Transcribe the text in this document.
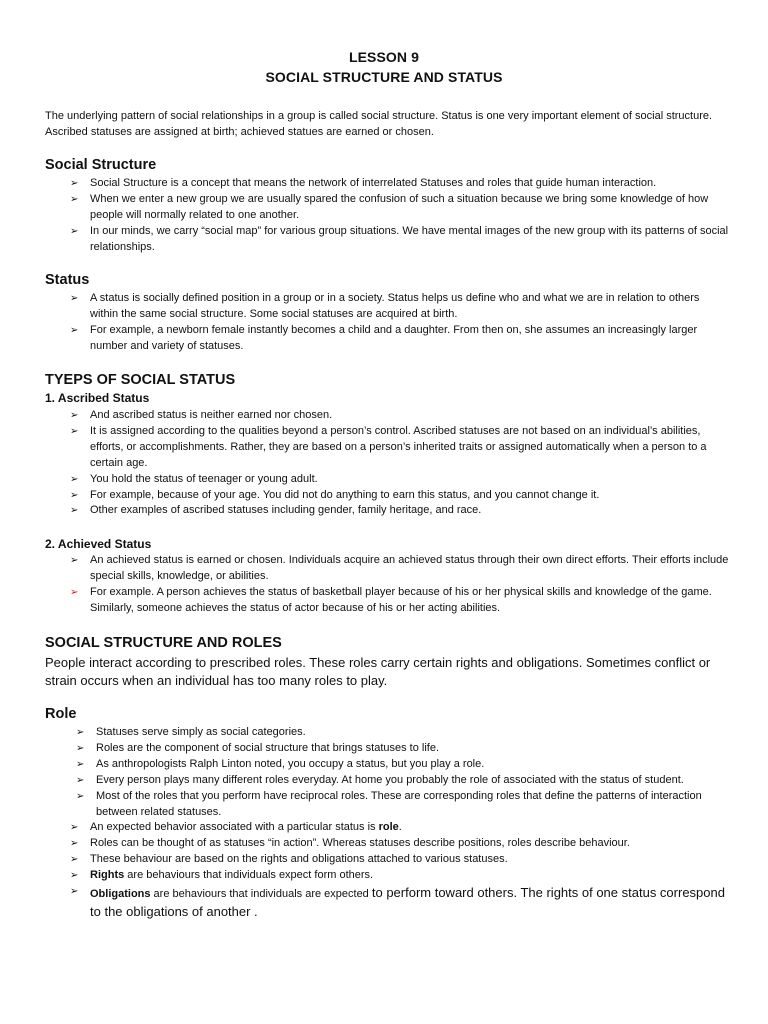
LESSON 9
SOCIAL STRUCTURE AND STATUS
The underlying pattern of social relationships in a group is called social structure. Status is one very important element of social structure. Ascribed statuses are assigned at birth; achieved statues are earned or chosen.
Social Structure
➢ Social Structure is a concept that means the network of interrelated Statuses and roles that guide human interaction.
➢ When we enter a new group we are usually spared the confusion of such a situation because we bring some knowledge of how people will normally related to one another.
➢ In our minds, we carry “social map” for various group situations. We have mental images of the new group with its patterns of social relationships.
Status
➢ A status is socially defined position in a group or in a society. Status helps us define who and what we are in relation to others within the same social structure. Some social statuses are acquired at birth.
➢ For example, a newborn female instantly becomes a child and a daughter. From then on, she assumes an increasingly larger number and variety of statuses.
TYEPS OF SOCIAL STATUS
1. Ascribed Status
➢ And ascribed status is neither earned nor chosen.
➢ It is assigned according to the qualities beyond a person’s control. Ascribed statuses are not based on an individual’s abilities, efforts, or accomplishments. Rather, they are based on a person’s inherited traits or assigned automatically when a person to a certain age.
➢ You hold the status of teenager or young adult.
➢ For example, because of your age. You did not do anything to earn this status, and you cannot change it.
➢ Other examples of ascribed statuses including gender, family heritage, and race.
2. Achieved Status
➢ An achieved status is earned or chosen. Individuals acquire an achieved status through their own direct efforts. Their efforts include special skills, knowledge, or abilities.
➢ For example. A person achieves the status of basketball player because of his or her physical skills and knowledge of the game. Similarly, someone achieves the status of actor because of his or her acting abilities.
SOCIAL STRUCTURE AND ROLES
People interact according to prescribed roles. These roles carry certain rights and obligations. Sometimes conflict or strain occurs when an individual has too many roles to play.
Role
➢ Statuses serve simply as social categories.
➢ Roles are the component of social structure that brings statuses to life.
➢ As anthropologists Ralph Linton noted, you occupy a status, but you play a role.
➢ Every person plays many different roles everyday. At home you probably the role of associated with the status of student.
➢ Most of the roles that you perform have reciprocal roles. These are corresponding roles that define the patterns of interaction between related statuses.
➢ An expected behavior associated with a particular status is role.
➢ Roles can be thought of as statuses “in action”. Whereas statuses describe positions, roles describe behaviour.
➢ These behaviour are based on the rights and obligations attached to various statuses.
➢ Rights are behaviours that individuals expect form others.
➢ Obligations are behaviours that individuals are expected to perform toward others. The rights of one status correspond to the obligations of another .
